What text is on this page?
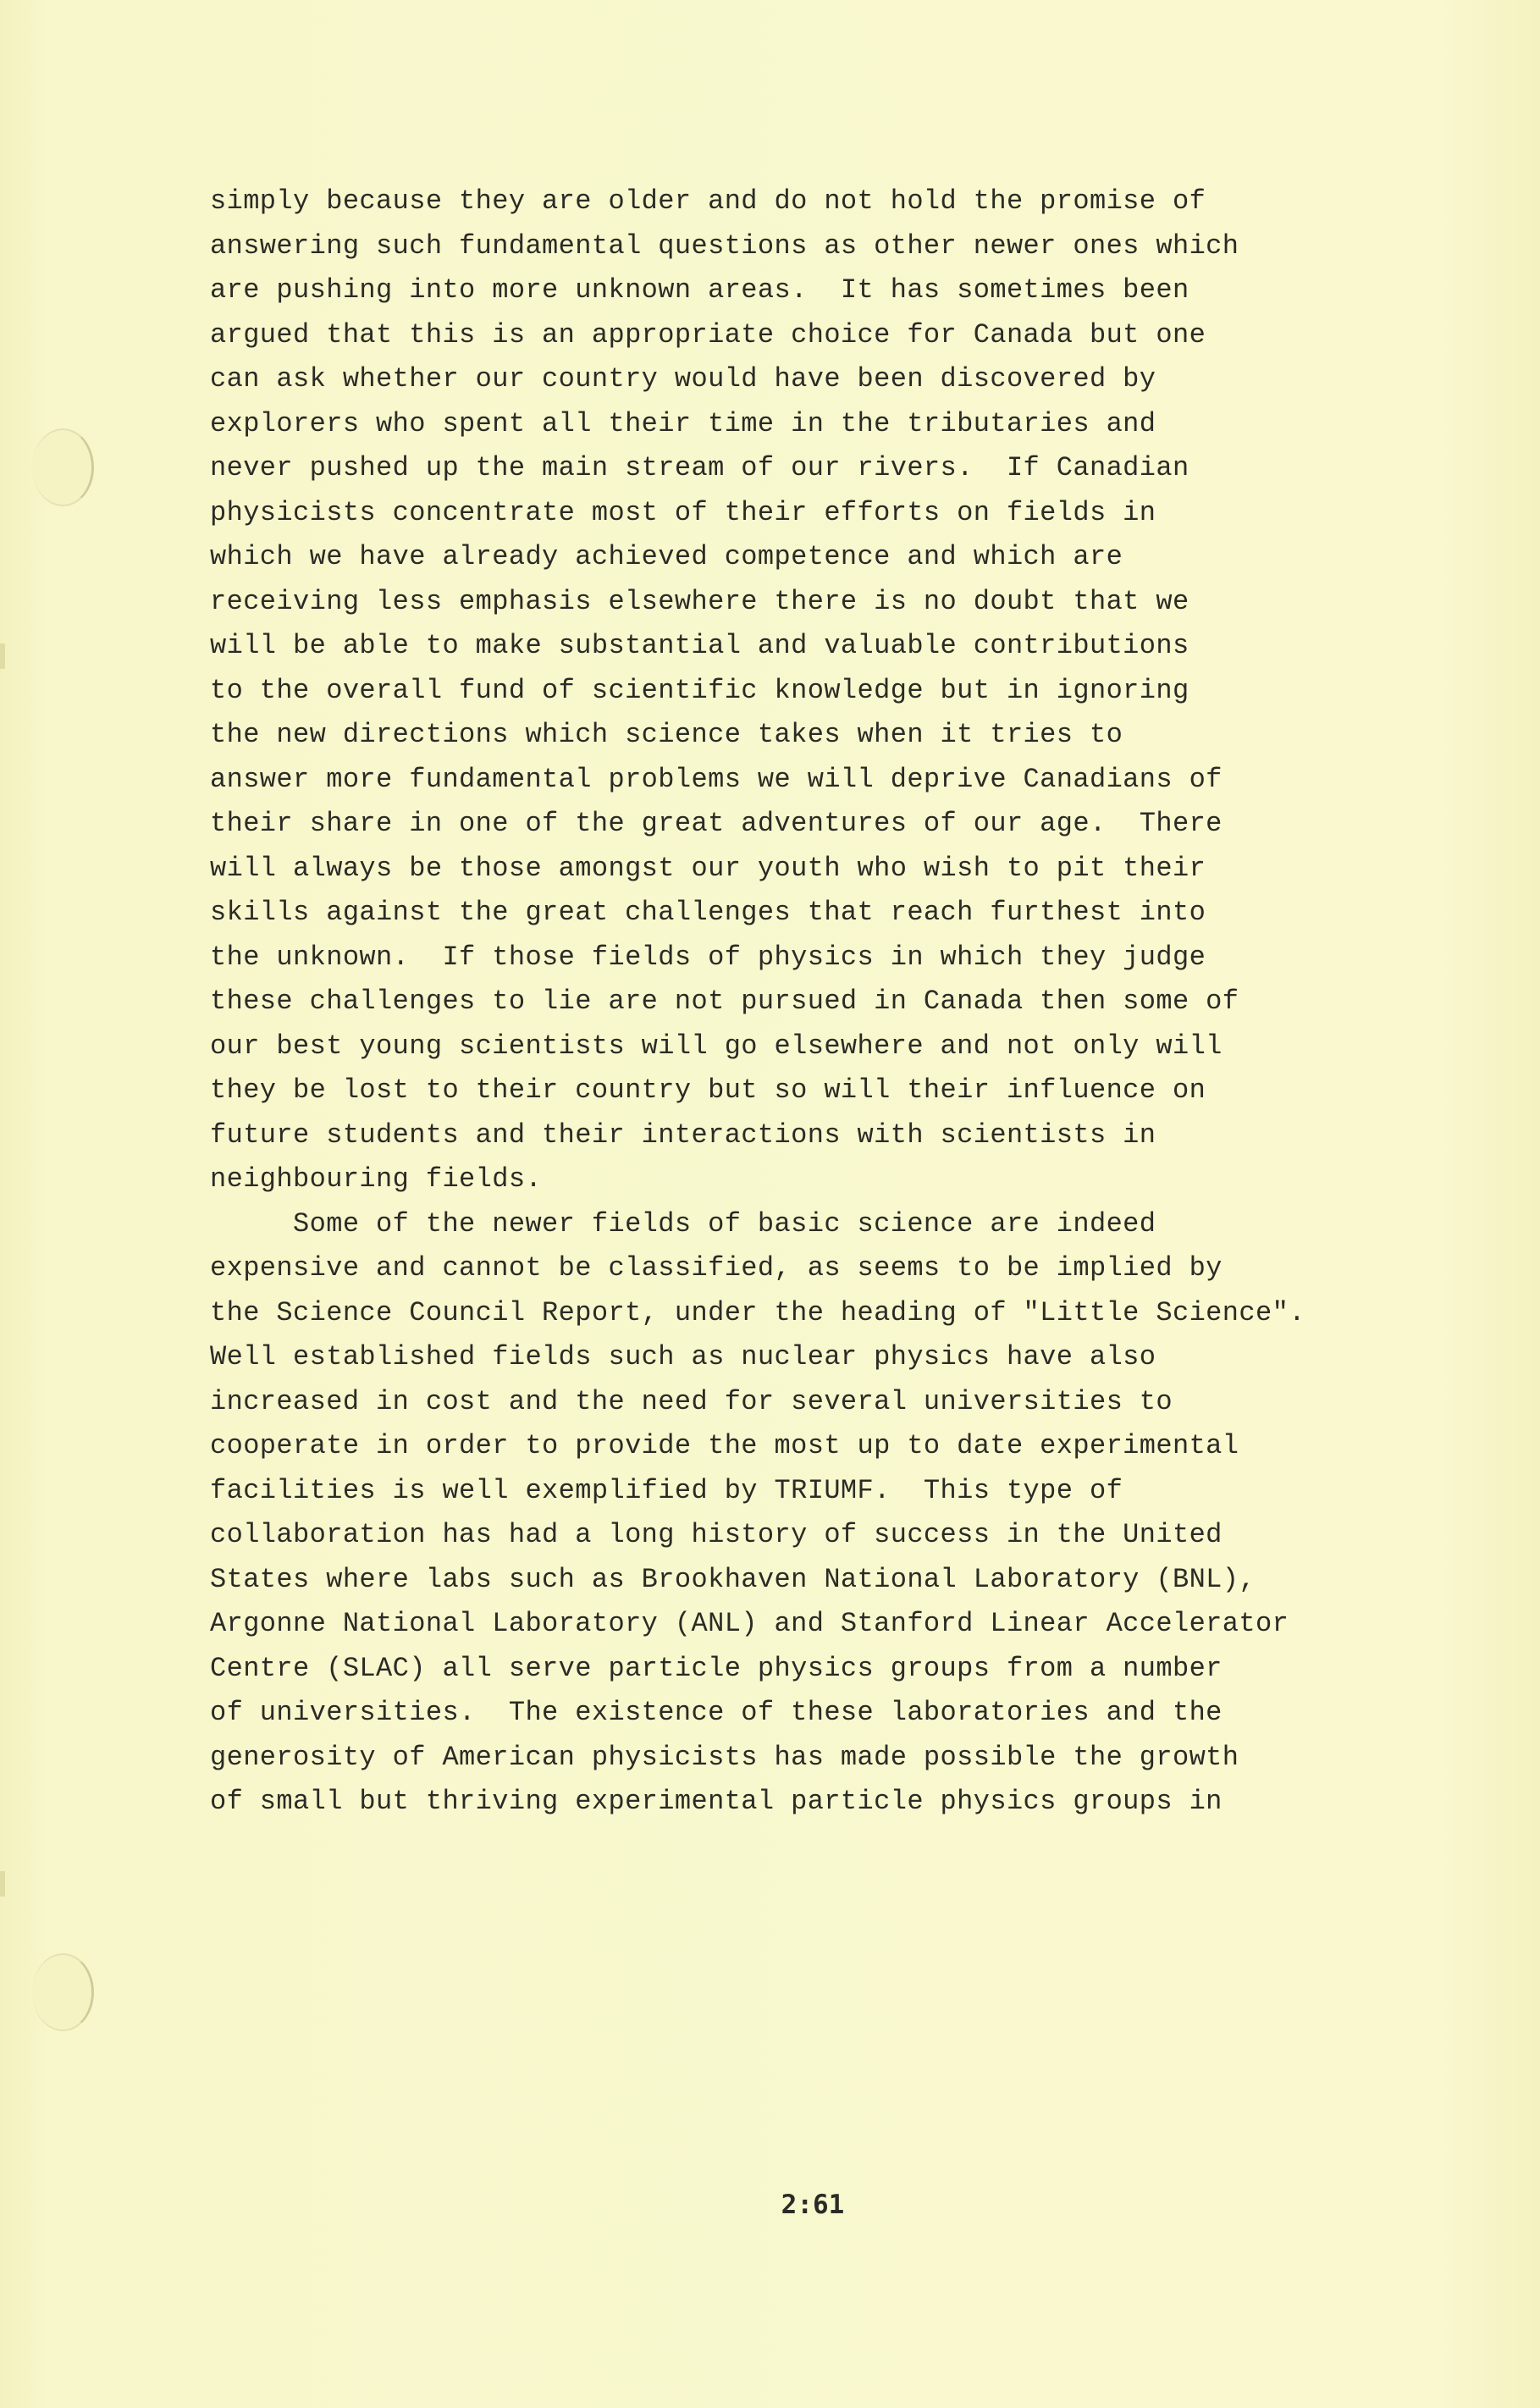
simply because they are older and do not hold the promise of
answering such fundamental questions as other newer ones which
are pushing into more unknown areas.  It has sometimes been
argued that this is an appropriate choice for Canada but one
can ask whether our country would have been discovered by
explorers who spent all their time in the tributaries and
never pushed up the main stream of our rivers.  If Canadian
physicists concentrate most of their efforts on fields in
which we have already achieved competence and which are
receiving less emphasis elsewhere there is no doubt that we
will be able to make substantial and valuable contributions
to the overall fund of scientific knowledge but in ignoring
the new directions which science takes when it tries to
answer more fundamental problems we will deprive Canadians of
their share in one of the great adventures of our age.  There
will always be those amongst our youth who wish to pit their
skills against the great challenges that reach furthest into
the unknown.  If those fields of physics in which they judge
these challenges to lie are not pursued in Canada then some of
our best young scientists will go elsewhere and not only will
they be lost to their country but so will their influence on
future students and their interactions with scientists in
neighbouring fields.
Some of the newer fields of basic science are indeed
expensive and cannot be classified, as seems to be implied by
the Science Council Report, under the heading of "Little Science".
Well established fields such as nuclear physics have also
increased in cost and the need for several universities to
cooperate in order to provide the most up to date experimental
facilities is well exemplified by TRIUMF.  This type of
collaboration has had a long history of success in the United
States where labs such as Brookhaven National Laboratory (BNL),
Argonne National Laboratory (ANL) and Stanford Linear Accelerator
Centre (SLAC) all serve particle physics groups from a number
of universities.  The existence of these laboratories and the
generosity of American physicists has made possible the growth
of small but thriving experimental particle physics groups in
2:61
